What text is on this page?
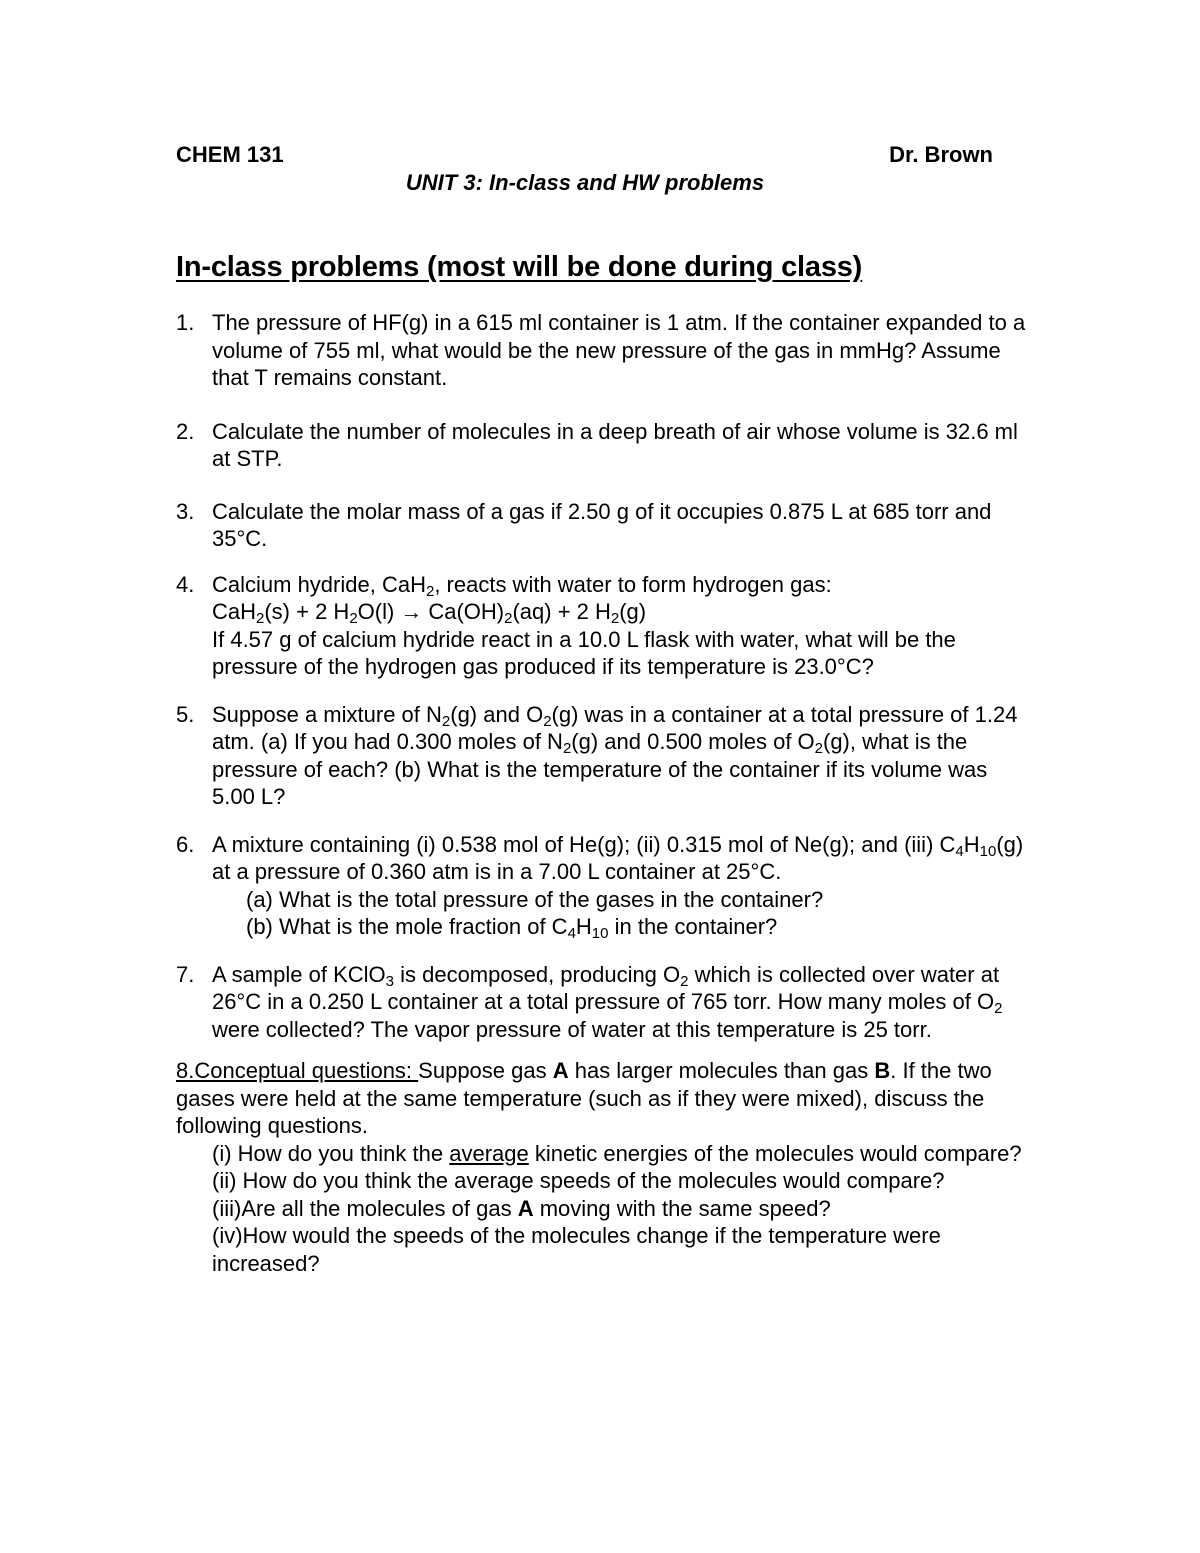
CHEM 131	Dr. Brown
UNIT 3: In-class and HW problems
In-class problems (most will be done during class)
1. The pressure of HF(g) in a 615 ml container is 1 atm. If the container expanded to a volume of 755 ml, what would be the new pressure of the gas in mmHg? Assume that T remains constant.

2. Calculate the number of molecules in a deep breath of air whose volume is 32.6 ml at STP.

3. Calculate the molar mass of a gas if 2.50 g of it occupies 0.875 L at 685 torr and 35°C.

4. Calcium hydride, CaH$_2$, reacts with water to form hydrogen gas:

CaH$_2$(s) + 2 $H_2O(l) \to Ca(OH)_2(aq) + 2$ $H_2(g)$

If 4.57 g of calcium hydride react in a 10.0 L flask with water, what will be the pressure of the hydrogen gas produced if its temperature is 23.0°C?

5. Suppose a mixture of $N_2(g)$ and $O_2(g)$ was in a container at a total pressure of 1.24 atm. (a) If you had 0.300 moles of $N_2(g)$ and 0.500 moles of $O_2(g)$, what is the pressure of each? (b) What is the temperature of the container if its volume was 5.00 L?

6. A mixture containing (i) 0.538 mol of He(g); (ii) 0.315 mol of Ne(g); and (iii) $C_4H_{10}(g)$ at a pressure of 0.360 atm is in a 7.00 L container at 25°C.

(a) What is the total pressure of the gases in the container?

(b) What is the mole fraction of $C_4H_{10}$ in the container?

7. A sample of KClO$_3$ is decomposed, producing $O_2$ which is collected over water at 26°C in a 0.250 L container at a total pressure of 765 torr. How many moles of $O_2$ were collected? The vapor pressure of water at this temperature is 25 torr.

8.Conceptual questions: Suppose gas A has larger molecules than gas B. If the two gases were held at the same temperature (such as if they were mixed), discuss the following questions.

(i) How do you think the average kinetic energies of the molecules would compare?

(ii) How do you think the average speeds of the molecules would compare?

(iii)Are all the molecules of gas A moving with the same speed?

(iv)How would the speeds of the molecules change if the temperature were increased?
